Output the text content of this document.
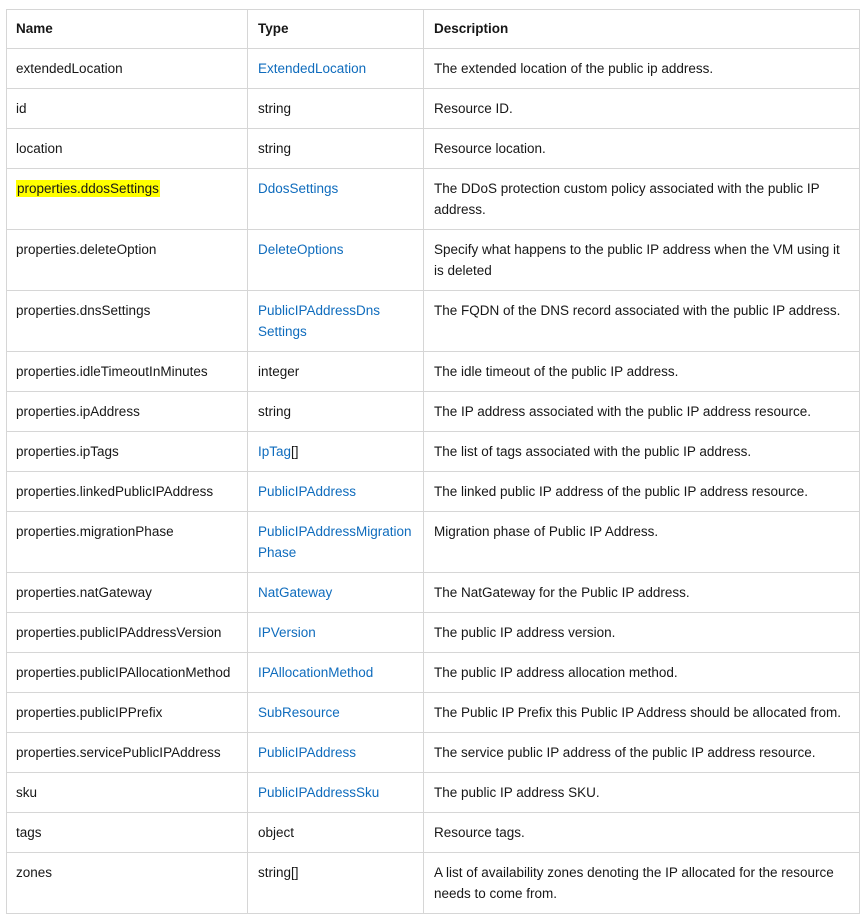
Name	Type	Description
extendedLocation	ExtendedLocation	The extended location of the public ip address.
id	string	Resource ID.
location	string	Resource location.
properties.ddosSettings	DdosSettings	The DDoS protection custom policy associated with the public IP address.
properties.deleteOption	DeleteOptions	Specify what happens to the public IP address when the VM using it is deleted
properties.dnsSettings	PublicIPAddressDnsSettings	The FQDN of the DNS record associated with the public IP address.
properties.idleTimeoutInMinutes	integer	The idle timeout of the public IP address.
properties.ipAddress	string	The IP address associated with the public IP address resource.
properties.ipTags	IpTag[]	The list of tags associated with the public IP address.
properties.linkedPublicIPAddress	PublicIPAddress	The linked public IP address of the public IP address resource.
properties.migrationPhase	PublicIPAddressMigrationPhase	Migration phase of Public IP Address.
properties.natGateway	NatGateway	The NatGateway for the Public IP address.
properties.publicIPAddressVersion	IPVersion	The public IP address version.
properties.publicIPAllocationMethod	IPAllocationMethod	The public IP address allocation method.
properties.publicIPPrefix	SubResource	The Public IP Prefix this Public IP Address should be allocated from.
properties.servicePublicIPAddress	PublicIPAddress	The service public IP address of the public IP address resource.
sku	PublicIPAddressSku	The public IP address SKU.
tags	object	Resource tags.
zones	string[]	A list of availability zones denoting the IP allocated for the resource needs to come from.
